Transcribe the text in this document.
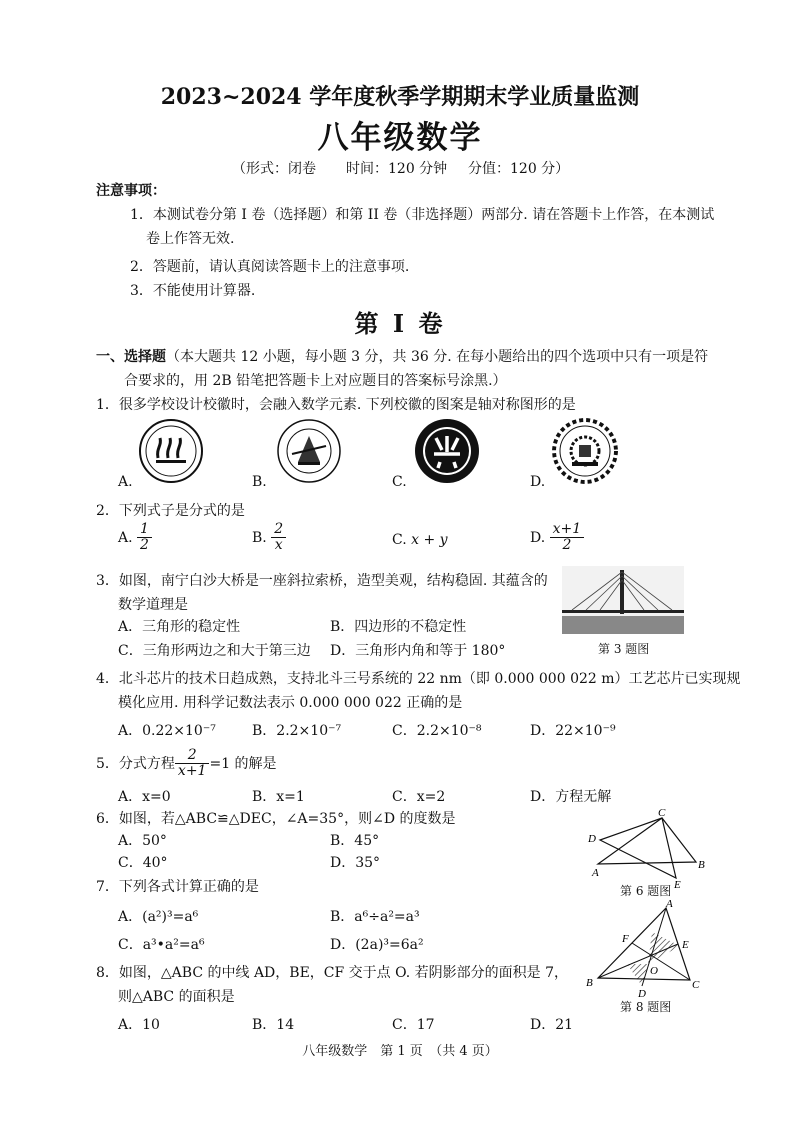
2023~2024 学年度秋季学期期末学业质量监测
八年级数学
（形式：闭卷 时间：120 分钟 分值：120 分）
注意事项：
1．本测试卷分第 I 卷（选择题）和第 II 卷（非选择题）两部分. 请在答题卡上作答，在本测试
卷上作答无效.
2．答题前，请认真阅读答题卡上的注意事项.
3．不能使用计算器.
第 I 卷
一、选择题（本大题共 12 小题，每小题 3 分，共 36 分. 在每小题给出的四个选项中只有一项是符
合要求的，用 2B 铅笔把答题卡上对应题目的答案标号涂黑.）
1．很多学校设计校徽时，会融入数学元素. 下列校徽的图案是轴对称图形的是
A.	B.	C.	D.
2．下列式子是分式的是
A. $\frac{1}{2}$	B. $\frac{2}{x}$	C. x + y	D. $\frac{x+1}{2}$
3．如图，南宁白沙大桥是一座斜拉索桥，造型美观，结构稳固. 其蕴含的
数学道理是
A．三角形的稳定性	B．四边形的不稳定性
C．三角形两边之和大于第三边 D．三角形内角和等于 180°	第 3 题图
4．北斗芯片的技术日趋成熟，支持北斗三号系统的 22 nm（即 0.000 000 022 m）工艺芯片已实现规
模化应用. 用科学记数法表示 0.000 000 022 正确的是
A．0.22×10⁻⁷	B．2.2×10⁻⁷	C．2.2×10⁻⁸	D．22×10⁻⁹
5．分式方程 $\frac{2}{x+1} =1$ 的解是
A．x=0	B．x=1	C．x=2	D．方程无解
6．如图，若△ABC≌△DEC，∠A=35°，则∠D 的度数是
A．50°	B．45°
C．40°	D．35°
C
D
A
B
E
第 6 题图
7．下列各式计算正确的是
A．(a²)³=a⁶	B．a⁶÷a²=a³
C．a³•a²=a⁶	D．(2a)³=6a²
8．如图，△ABC 的中线 AD，BE，CF 交于点 O. 若阴影部分的面积是 7，
则△ABC 的面积是
A．10	B．14	C．17	D．21
A
B	C
D
E
F
O
第 8 题图
八年级数学　第 1 页　（共 4 页）
